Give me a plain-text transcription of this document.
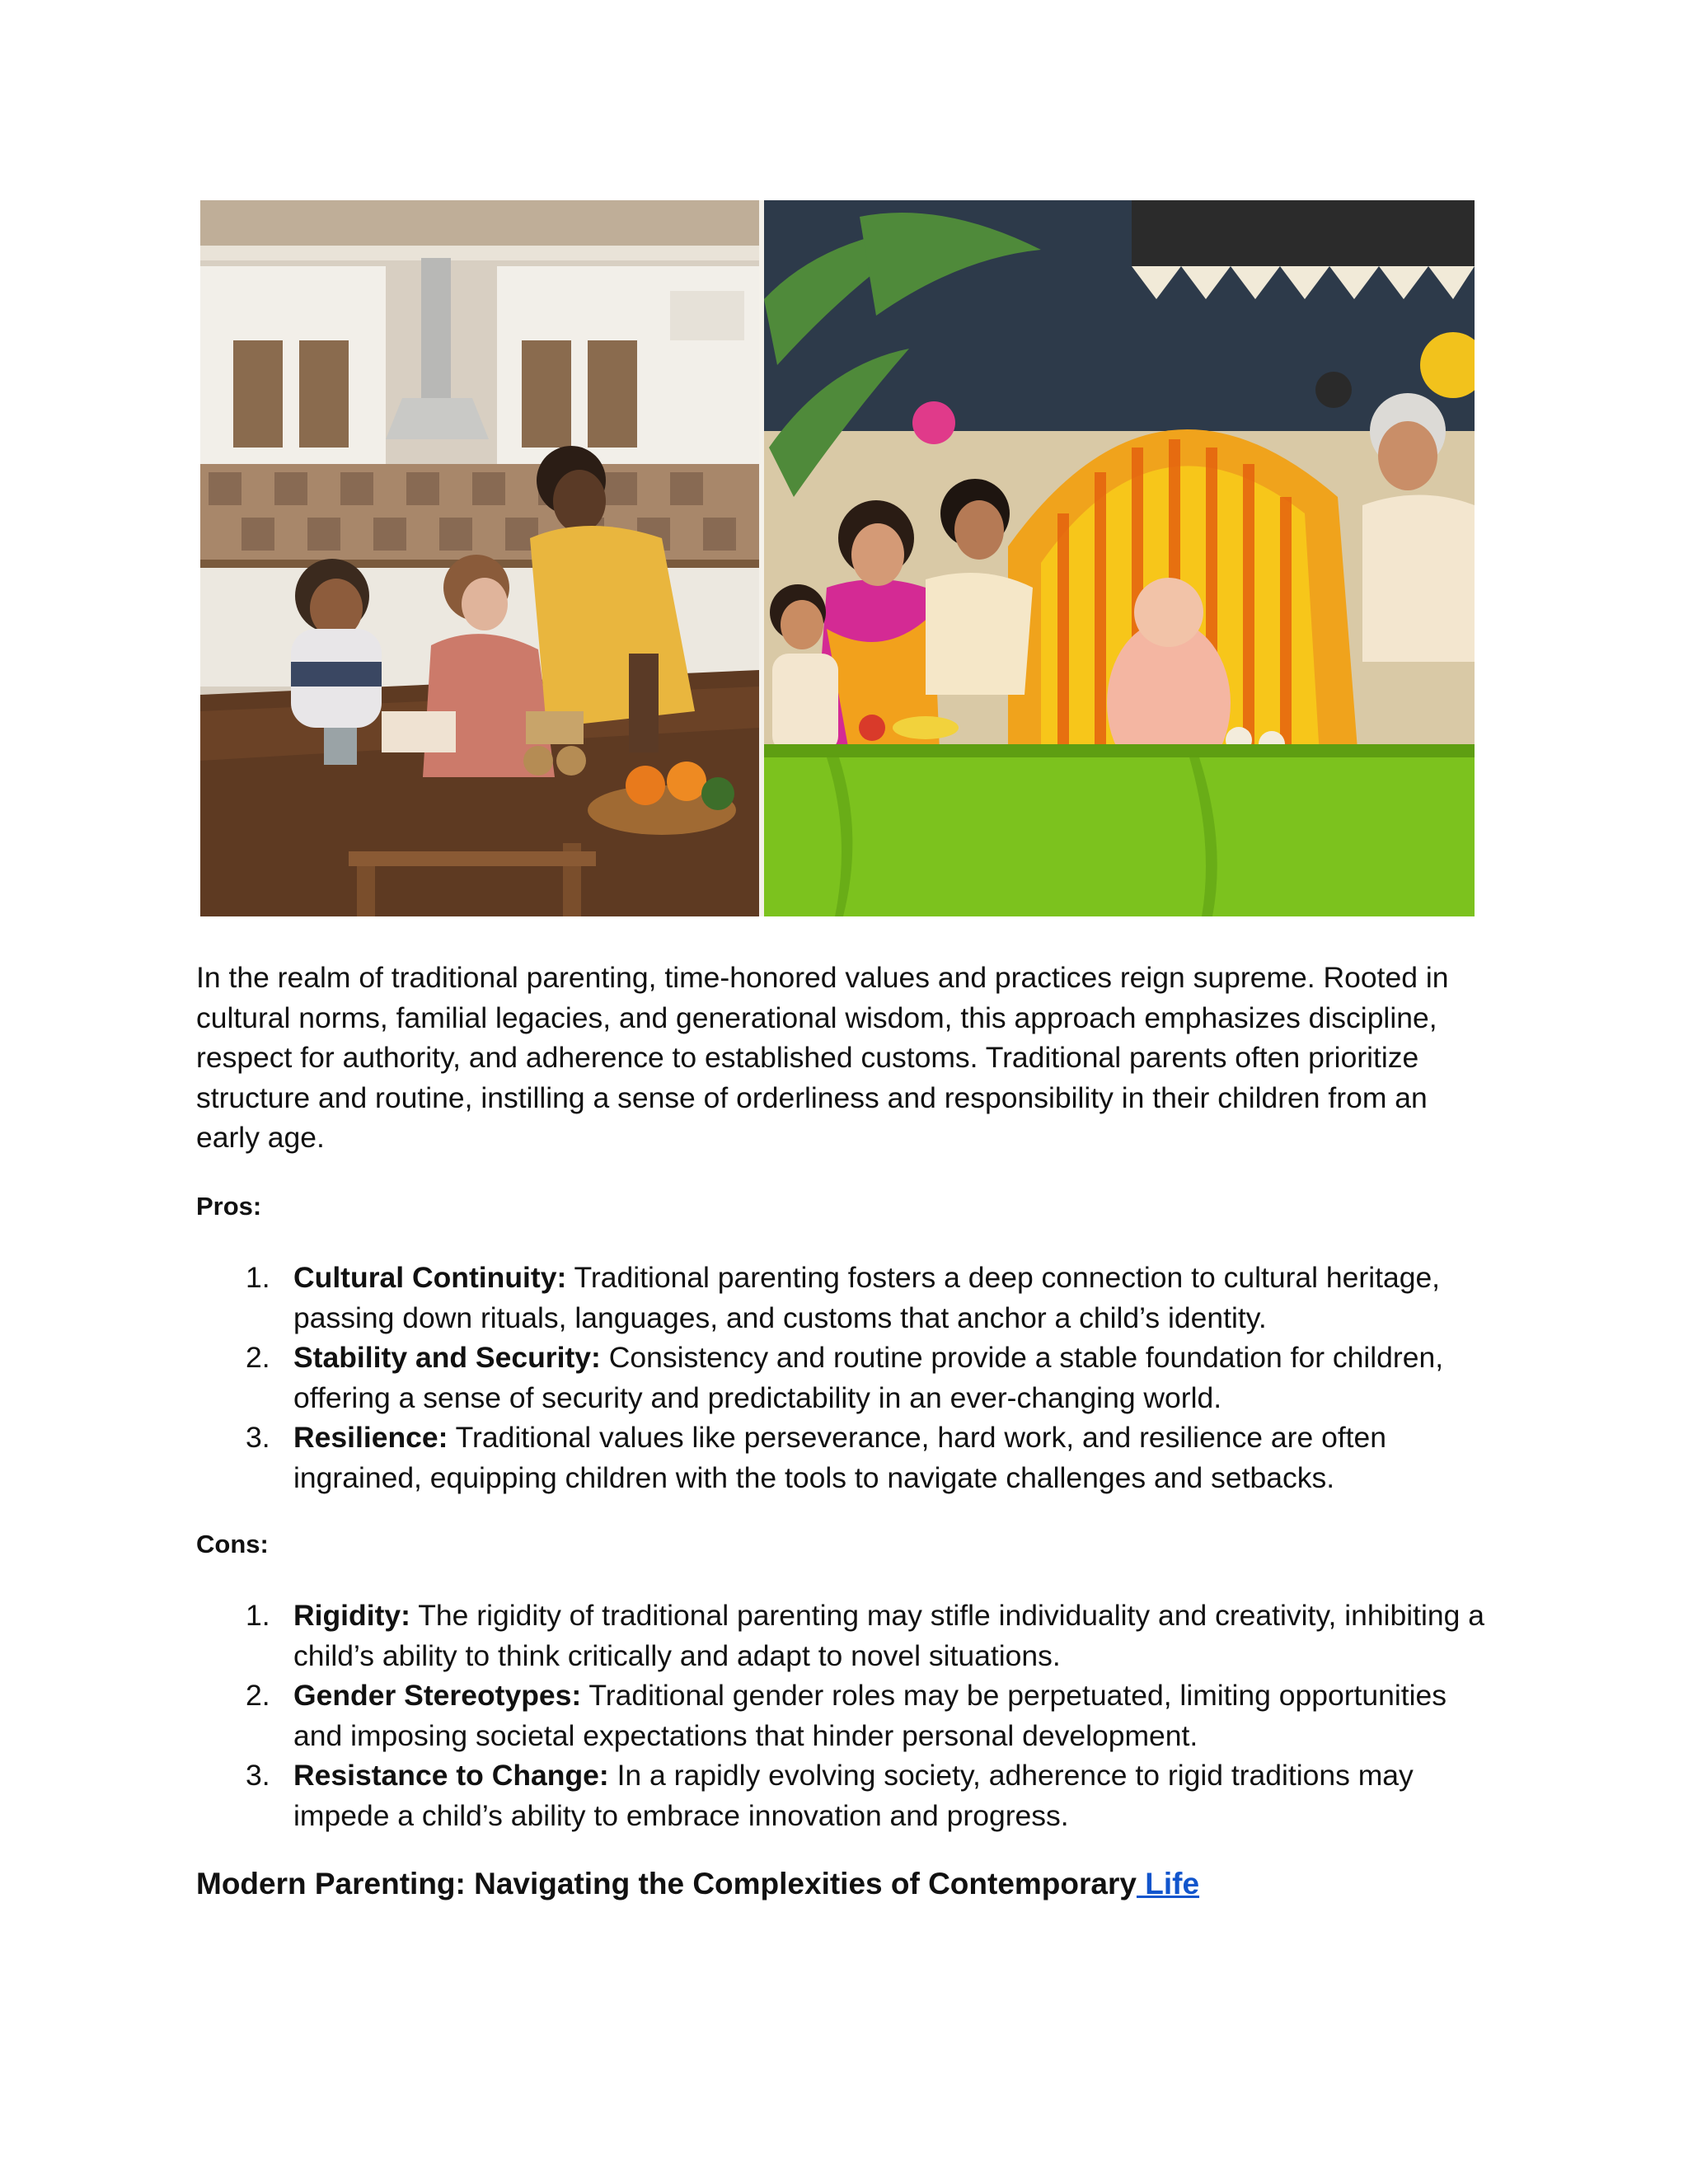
In the realm of traditional parenting, time-honored values and practices reign supreme. Rooted in cultural norms, familial legacies, and generational wisdom, this approach emphasizes discipline, respect for authority, and adherence to established customs. Traditional parents often prioritize structure and routine, instilling a sense of orderliness and responsibility in their children from an early age.

Pros:

1. Cultural Continuity: Traditional parenting fosters a deep connection to cultural heritage, passing down rituals, languages, and customs that anchor a child’s identity.
2. Stability and Security: Consistency and routine provide a stable foundation for children, offering a sense of security and predictability in an ever-changing world.
3. Resilience: Traditional values like perseverance, hard work, and resilience are often ingrained, equipping children with the tools to navigate challenges and setbacks.

Cons:

1. Rigidity: The rigidity of traditional parenting may stifle individuality and creativity, inhibiting a child’s ability to think critically and adapt to novel situations.
2. Gender Stereotypes: Traditional gender roles may be perpetuated, limiting opportunities and imposing societal expectations that hinder personal development.
3. Resistance to Change: In a rapidly evolving society, adherence to rigid traditions may impede a child’s ability to embrace innovation and progress.
Modern Parenting: Navigating the Complexities of Contemporary Life
